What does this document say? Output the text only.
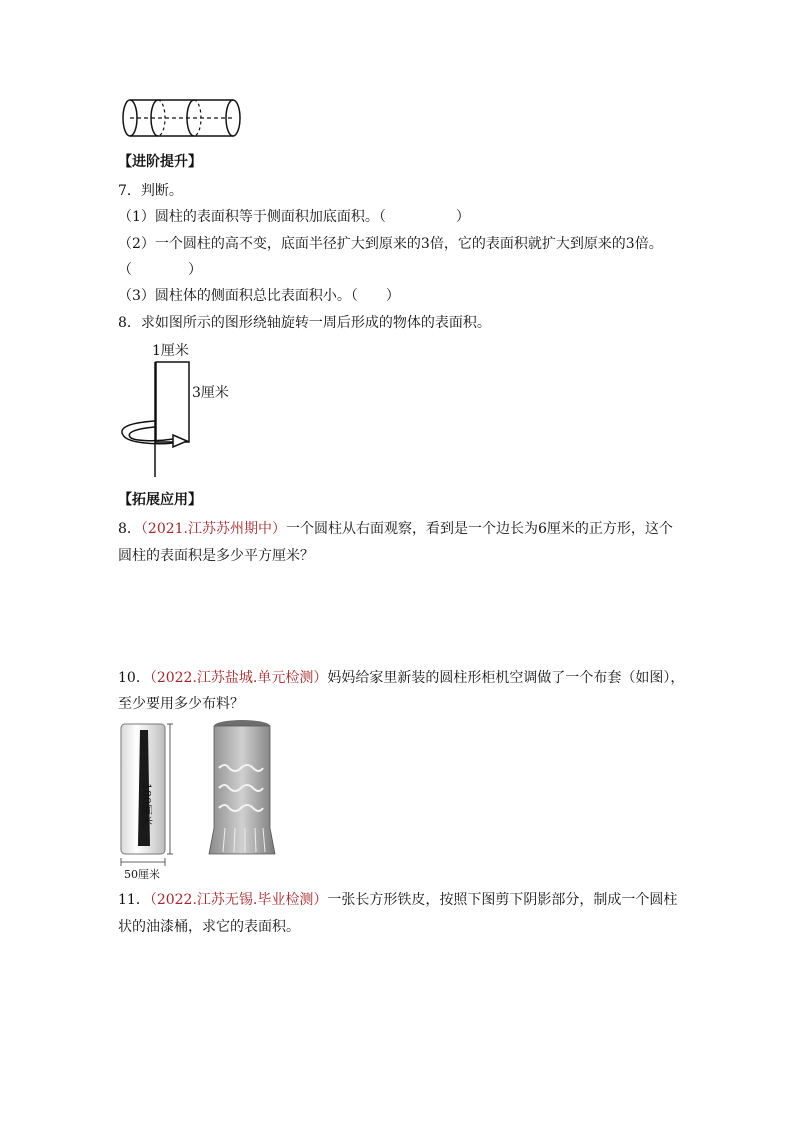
【进阶提升】
7．判断。
（1）圆柱的表面积等于侧面积加底面积。（　　　　　）
（2）一个圆柱的高不变，底面半径扩大到原来的3倍，它的表面积就扩大到原来的3倍。
（　　　　）
（3）圆柱体的侧面积总比表面积小。（　　）
8．求如图所示的图形绕轴旋转一周后形成的物体的表面积。
1厘米
3厘米
【拓展应用】
8．（2021.江苏苏州期中）一个圆柱从右面观察，看到是一个边长为6厘米的正方形，这个
圆柱的表面积是多少平方厘米？
10．（2022.江苏盐城.单元检测）妈妈给家里新装的圆柱形柜机空调做了一个布套（如图），
至少要用多少布料？
180厘米
50厘米
11．（2022.江苏无锡.毕业检测）一张长方形铁皮，按照下图剪下阴影部分，制成一个圆柱
状的油漆桶，求它的表面积。
